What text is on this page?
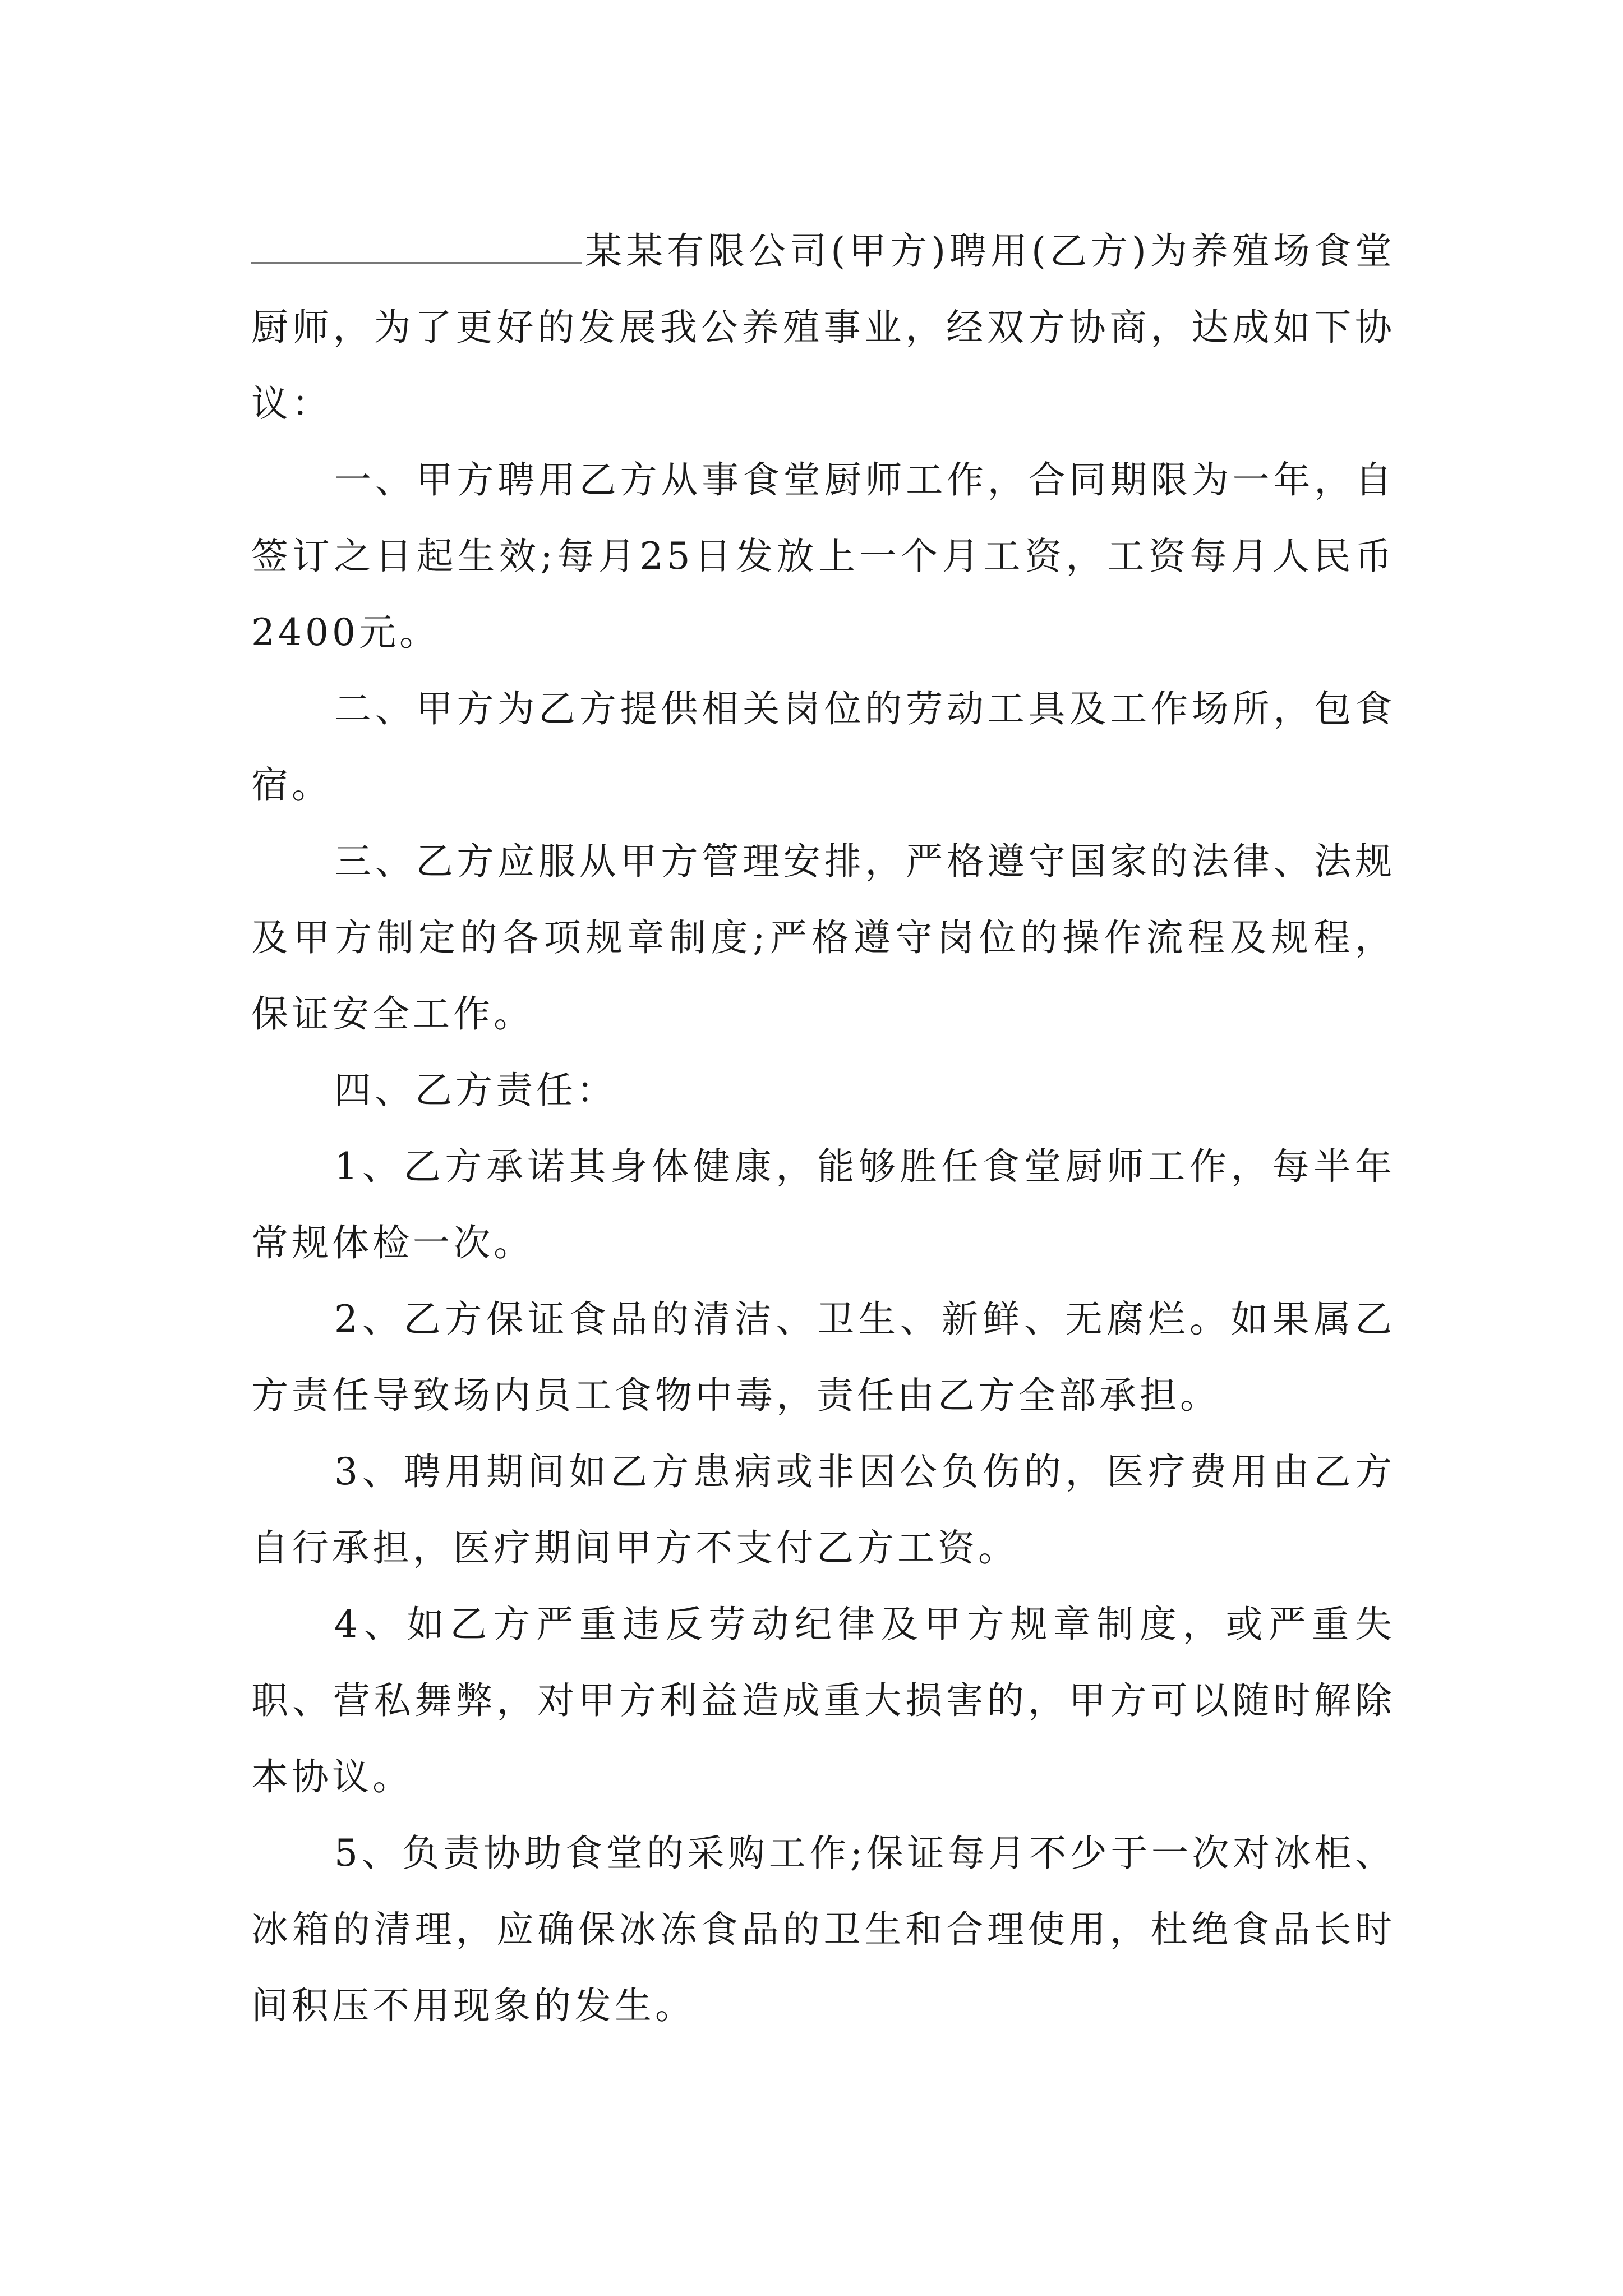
某某有限公司(甲方)聘用(乙方)为养殖场食堂厨师，为了更好的发展我公养殖事业，经双方协商，达成如下协议：

一、甲方聘用乙方从事食堂厨师工作，合同期限为一年，自签订之日起生效;每月25日发放上一个月工资，工资每月人民币2400元。

二、甲方为乙方提供相关岗位的劳动工具及工作场所，包食宿。

三、乙方应服从甲方管理安排，严格遵守国家的法律、法规及甲方制定的各项规章制度;严格遵守岗位的操作流程及规程，保证安全工作。

四、乙方责任：

1、乙方承诺其身体健康，能够胜任食堂厨师工作，每半年常规体检一次。

2、乙方保证食品的清洁、卫生、新鲜、无腐烂。如果属乙方责任导致场内员工食物中毒，责任由乙方全部承担。

3、聘用期间如乙方患病或非因公负伤的，医疗费用由乙方自行承担，医疗期间甲方不支付乙方工资。

4、如乙方严重违反劳动纪律及甲方规章制度，或严重失职、营私舞弊，对甲方利益造成重大损害的，甲方可以随时解除本协议。

5、负责协助食堂的采购工作;保证每月不少于一次对冰柜、冰箱的清理，应确保冰冻食品的卫生和合理使用，杜绝食品长时间积压不用现象的发生。
